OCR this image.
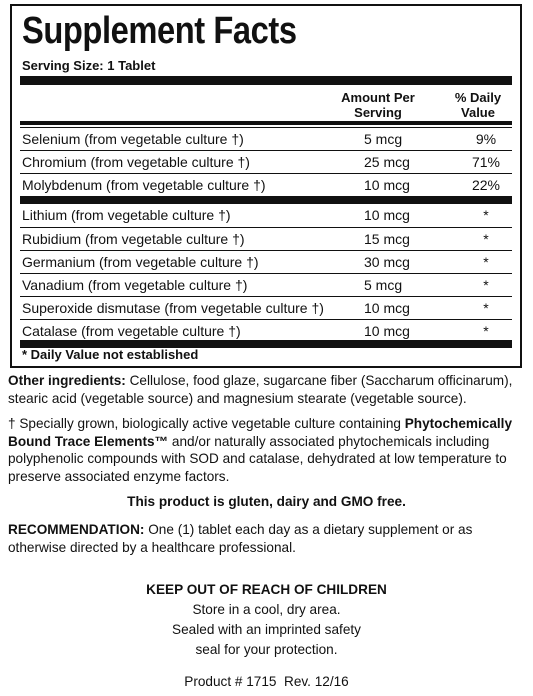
Supplement Facts
Serving Size: 1 Tablet
Amount Per
Serving
% Daily
Value
Selenium (from vegetable culture †)	5 mcg	9%
Chromium (from vegetable culture †)	25 mcg	71%
Molybdenum (from vegetable culture †)	10 mcg	22%
Lithium (from vegetable culture †)	10 mcg	*
Rubidium (from vegetable culture †)	15 mcg	*
Germanium (from vegetable culture †)	30 mcg	*
Vanadium (from vegetable culture †)	5 mcg	*
Superoxide dismutase (from vegetable culture †)	10 mcg	*
Catalase (from vegetable culture †)	10 mcg	*
* Daily Value not established
Other ingredients: Cellulose, food glaze, sugarcane fiber (Saccharum officinarum), stearic acid (vegetable source) and magnesium stearate (vegetable source).
† Specially grown, biologically active vegetable culture containing Phytochemically Bound Trace Elements™ and/or naturally associated phytochemicals including polyphenolic compounds with SOD and catalase, dehydrated at low temperature to preserve associated enzyme factors.
This product is gluten, dairy and GMO free.
RECOMMENDATION: One (1) tablet each day as a dietary supplement or as otherwise directed by a healthcare professional.
KEEP OUT OF REACH OF CHILDREN
Store in a cool, dry area.
Sealed with an imprinted safety
seal for your protection.
Product # 1715  Rev. 12/16
